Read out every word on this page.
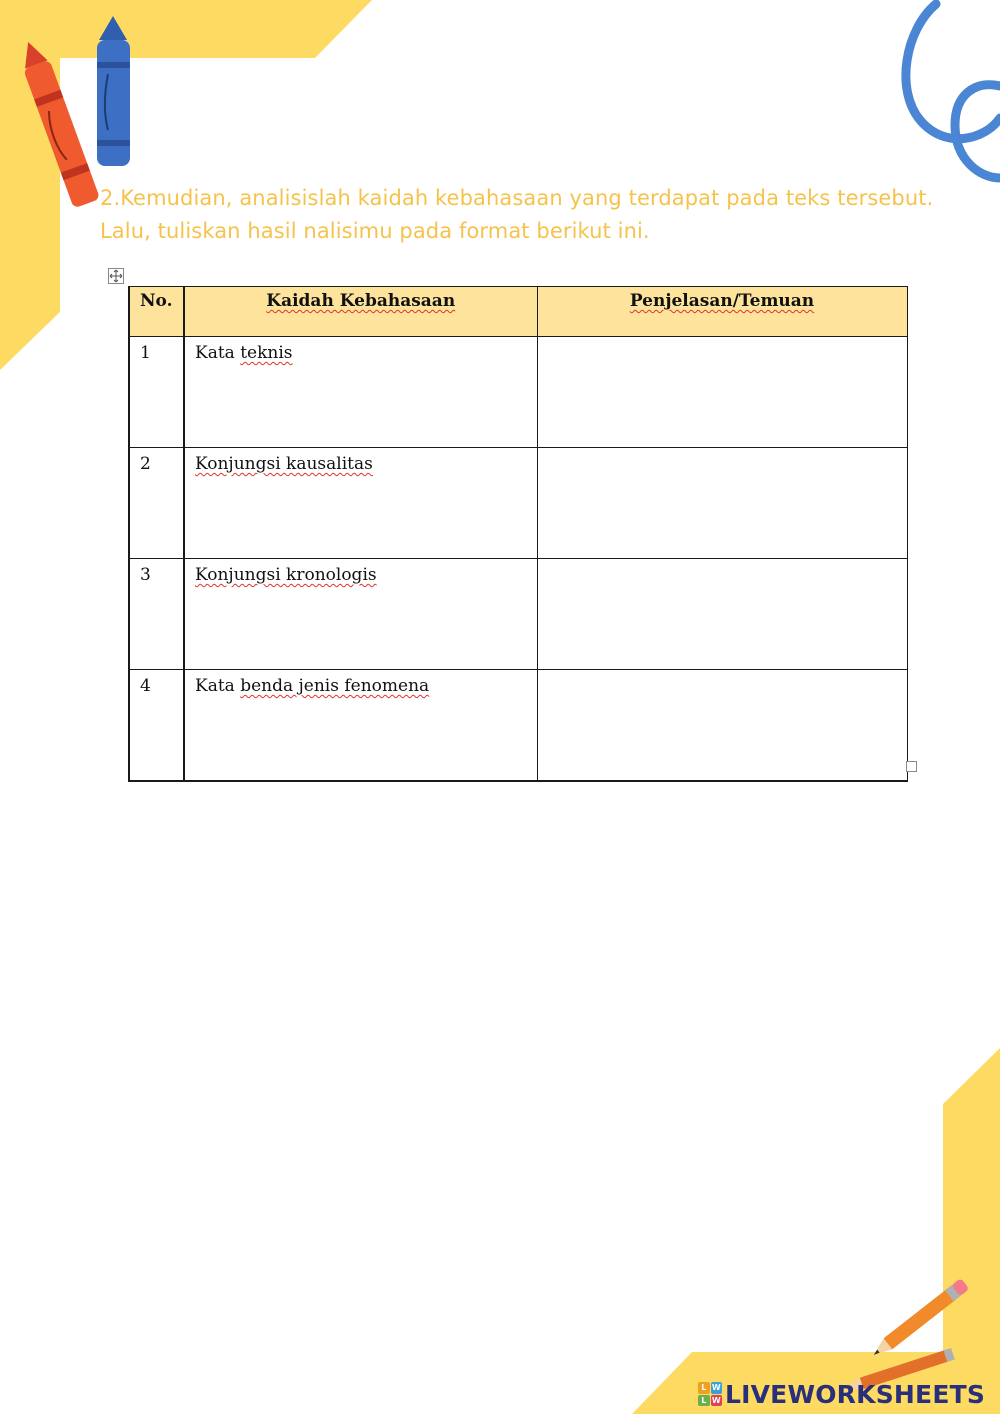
2.Kemudian, analisislah kaidah kebahasaan yang terdapat pada teks tersebut.
Lalu, tuliskan hasil nalisimu pada format berikut ini.

No.	Kaidah Kebahasaan	Penjelasan/Temuan
1	Kata teknis	
2	Konjungsi kausalitas	
3	Konjungsi kronologis	
4	Kata benda jenis fenomena	
L W
L W LIVEWORKSHEETS
